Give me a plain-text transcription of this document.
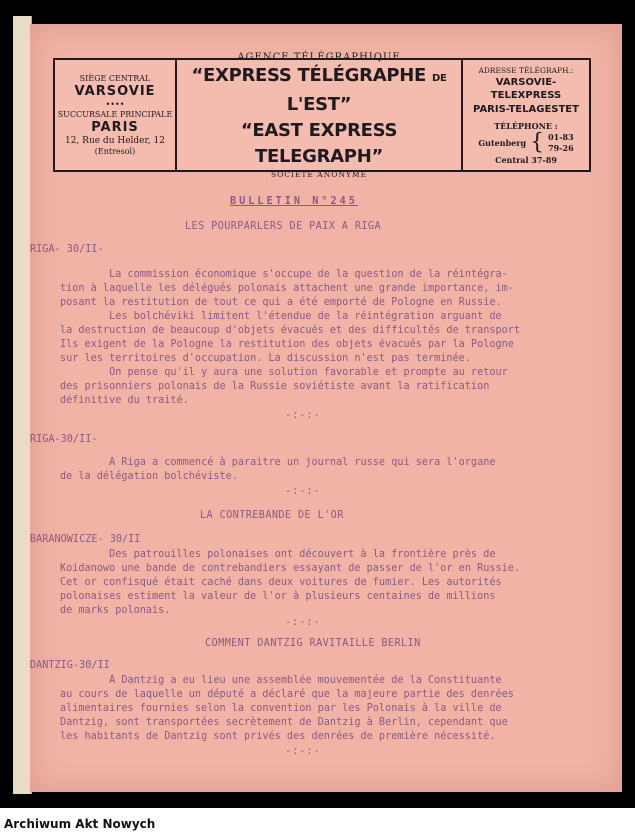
SIÈGE CENTRAL
VARSOVIE
••••
SUCCURSALE PRINCIPALE
PARIS
12, Rue du Helder, 12
(Entresol)
AGENCE TÉLÉGRAPHIQUE
“EXPRESS TÉLÉGRAPHE DE L'EST”
“EAST EXPRESS TELEGRAPH”
SOCIÉTÉ ANONYME
ADRESSE TÉLÉGRAPH.:
VARSOVIE-TELEXPRESS
PARIS-TELAGESTET
TÉLÉPHONE :
Gutenberg { 01-83
79-26
Central 37-89
BULLETIN N°245
LES POURPARLERS DE PAIX A RIGA
RIGA- 30/II-
La commission économique s'occupe de la question de la réintégra-
tion à laquelle les délégués polonais attachent une grande importance, im-
posant la restitution de tout ce qui a été emporté de Pologne en Russie.
Les bolchéviki limitent l'étendue de la réintégration arguant de
la destruction de beaucoup d'objets évacués et des difficultés de transport
Ils exigent de la Pologne la restitution des objets évacués par la Pologne
sur les territoires d'occupation. La discussion n'est pas terminée.
On pense qu'il y aura une solution favorable et prompte au retour
des prisonniers polonais de la Russie soviétiste avant la ratification
définitive du traité.
-:-:-
RIGA-30/II-
A Riga a commencé à paraitre un journal russe qui sera l'organe
de la délégation bolchéviste.
-:-:-
LA CONTREBANDE DE L'OR
BARANOWICZE- 30/II
Des patrouilles polonaises ont découvert à la frontière près de
Koidanowo une bande de contrebandiers essayant de passer de l'or en Russie.
Cet or confisqué était caché dans deux voitures de fumier. Les autorités
polonaises estiment la valeur de l'or à plusieurs centaines de millions
de marks polonais.
-:-:-
COMMENT DANTZIG RAVITAILLE BERLIN
DANTZIG-30/II
A Dantzig a eu lieu une assemblée mouvementée de la Constituante
au cours de laquelle un député a déclaré que la majeure partie des denrées
alimentaires fournies selon la convention par les Polonais à la ville de
Dantzig, sont transportées secrètement de Dantzig à Berlin, cependant que
les habitants de Dantzig sont privés des denrées de première nécessité.
-:-:-
Archiwum Akt Nowych
